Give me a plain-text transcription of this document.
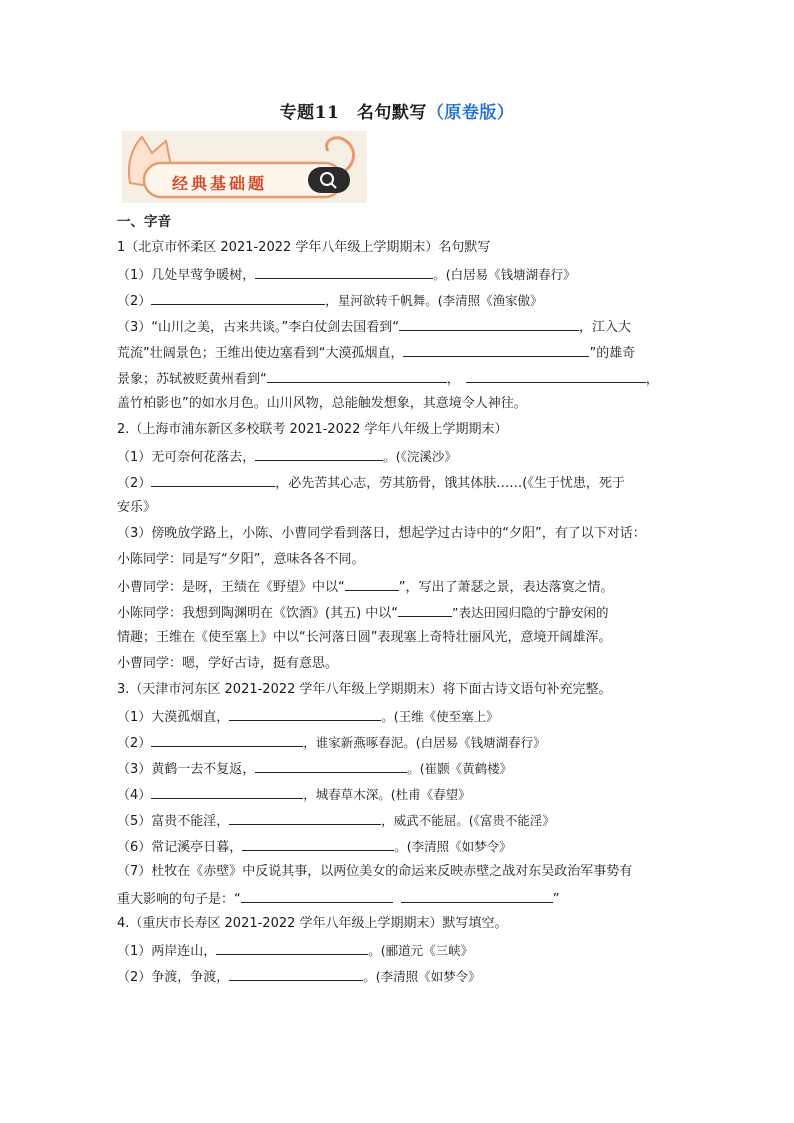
专题11　名句默写（原卷版）
经典基础题
一、字音
1（北京市怀柔区 2021-2022 学年八年级上学期期末）名句默写
（1）几处早莺争暖树，	。(白居易《钱塘湖春行》
（2）	，星河欲转千帆舞。(李清照《渔家傲》
（3）“山川之美，古来共谈。”李白仗剑去国看到“	，江入大
荒流”壮阔景色；王维出使边塞看到“大漠孤烟直，	”的雄奇
景象；苏轼被贬黄州看到“	，	，
盖竹柏影也”的如水月色。山川风物，总能触发想象，其意境令人神往。
2.（上海市浦东新区多校联考 2021-2022 学年八年级上学期期末）
（1）无可奈何花落去，	。(《浣溪沙》
（2）	，必先苦其心志，劳其筋骨，饿其体肤……(《生于忧患，死于
安乐》
（3）傍晚放学路上，小陈、小曹同学看到落日，想起学过古诗中的“夕阳”，有了以下对话：
小陈同学：同是写“夕阳”，意味各各不同。
小曹同学：是呀，王绩在《野望》中以“	”，写出了萧瑟之景，表达落寞之情。
小陈同学：我想到陶渊明在《饮酒》(其五) 中以“	”表达田园归隐的宁静安闲的
情趣；王维在《使至塞上》中以“长河落日圆”表现塞上奇特壮丽风光，意境开阔雄浑。
小曹同学：嗯，学好古诗，挺有意思。
3.（天津市河东区 2021-2022 学年八年级上学期期末）将下面古诗文语句补充完整。
（1）大漠孤烟直，	。(王维《使至塞上》
（2）	，谁家新燕啄春泥。(白居易《钱塘湖春行》
（3）黄鹤一去不复返，	。(崔颢《黄鹤楼》
（4）	，城春草木深。(杜甫《春望》
（5）富贵不能淫，	，威武不能屈。(《富贵不能淫》
（6）常记溪亭日暮，	。(李清照《如梦令》
（7）杜牧在《赤壁》中反说其事，以两位美女的命运来反映赤壁之战对东吴政治军事势有
重大影响的句子是：“	”
4.（重庆市长寿区 2021-2022 学年八年级上学期期末）默写填空。
（1）两岸连山，	。(郦道元《三峡》
（2）争渡，争渡，	。(李清照《如梦令》
